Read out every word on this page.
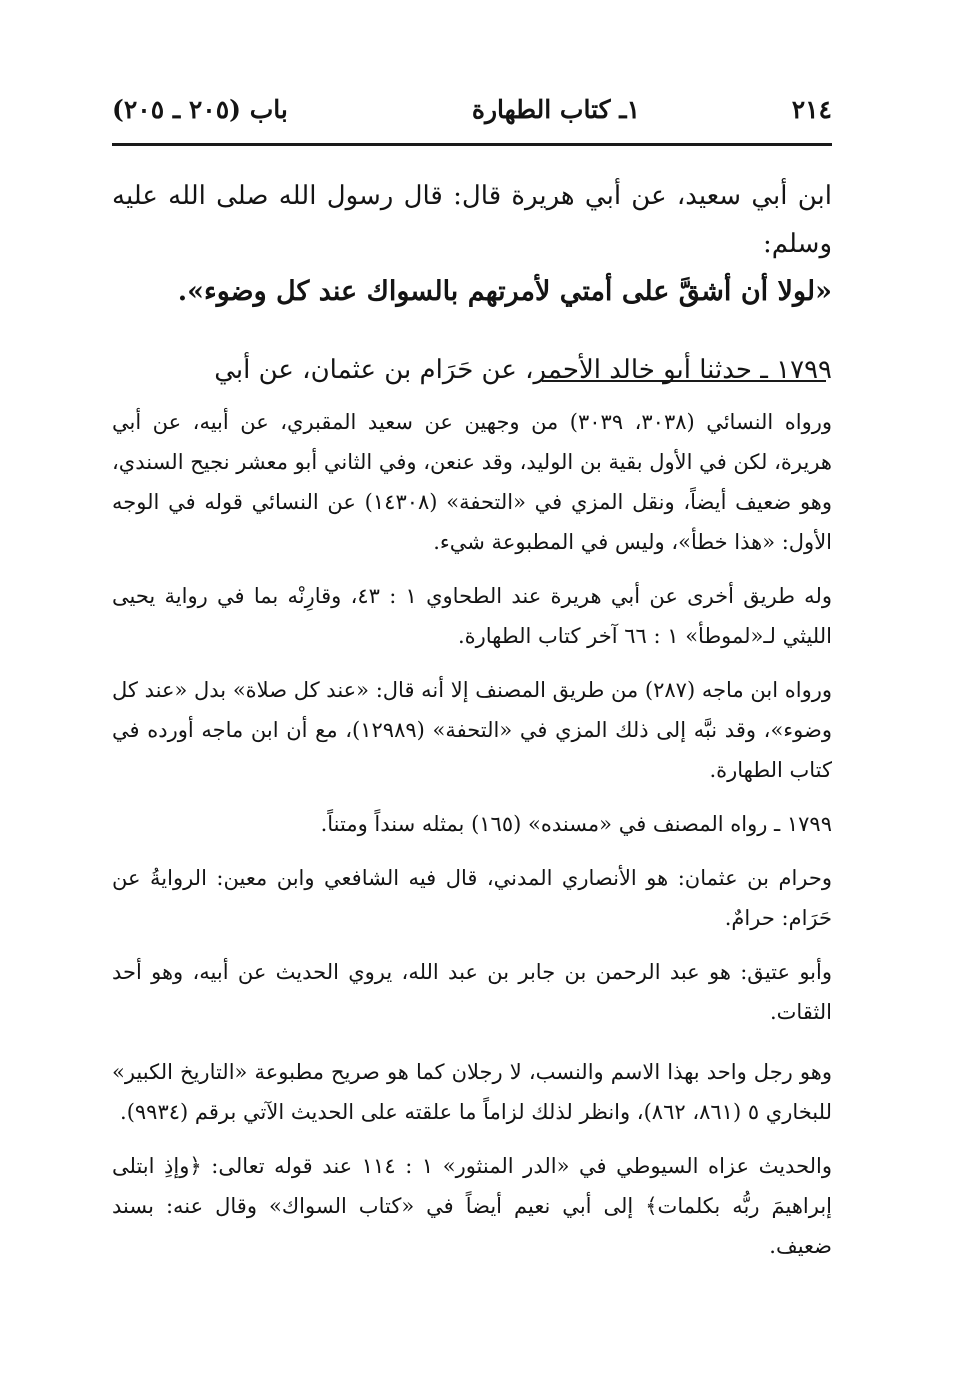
٢١٤
١ـ كتاب الطهارة
باب (٢٠٥ ـ ٢٠٥)

ابن أبي سعيد، عن أبي هريرة قال: قال رسول الله صلى الله عليه وسلم:

«لولا أن أشقَّ على أمتي لأمرتهم بالسواك عند كل وضوء».

١٧٩٩ ـ حدثنا أبو خالد الأحمر، عن حَرَام بن عثمان، عن أبي

ورواه النسائي (٣٠٣٨، ٣٠٣٩) من وجهين عن سعيد المقبري، عن أبيه، عن أبي هريرة، لكن في الأول بقية بن الوليد، وقد عنعن، وفي الثاني أبو معشر نجيح السندي، وهو ضعيف أيضاً، ونقل المزي في «التحفة» (١٤٣٠٨) عن النسائي قوله في الوجه الأول: «هذا خطأ»، وليس في المطبوعة شيء.

وله طريق أخرى عن أبي هريرة عند الطحاوي ١ : ٤٣، وقارِنْه بما في رواية يحيى الليثي لـ«لموطأ» ١ : ٦٦ آخر كتاب الطهارة.

ورواه ابن ماجه (٢٨٧) من طريق المصنف إلا أنه قال: «عند كل صلاة» بدل «عند كل وضوء»، وقد نبَّه إلى ذلك المزي في «التحفة» (١٢٩٨٩)، مع أن ابن ماجه أورده في كتاب الطهارة.

١٧٩٩ ـ رواه المصنف في «مسنده» (١٦٥) بمثله سنداً ومتناً.

وحرام بن عثمان: هو الأنصاري المدني، قال فيه الشافعي وابن معين: الروايةُ عن حَرَام: حرامٌ.

وأبو عتيق: هو عبد الرحمن بن جابر بن عبد الله، يروي الحديث عن أبيه، وهو أحد الثقات.

وهو رجل واحد بهذا الاسم والنسب، لا رجلان كما هو صريح مطبوعة «التاريخ الكبير» للبخاري ٥ (٨٦١، ٨٦٢)، وانظر لذلك لزاماً ما علقته على الحديث الآتي برقم (٩٩٣٤).

والحديث عزاه السيوطي في «الدر المنثور» ١ : ١١٤ عند قوله تعالى: ﴿وإذِ ابتلى إبراهيمَ ربُّه بكلمات﴾ إلى أبي نعيم أيضاً في «كتاب السواك» وقال عنه: بسند ضعيف.
